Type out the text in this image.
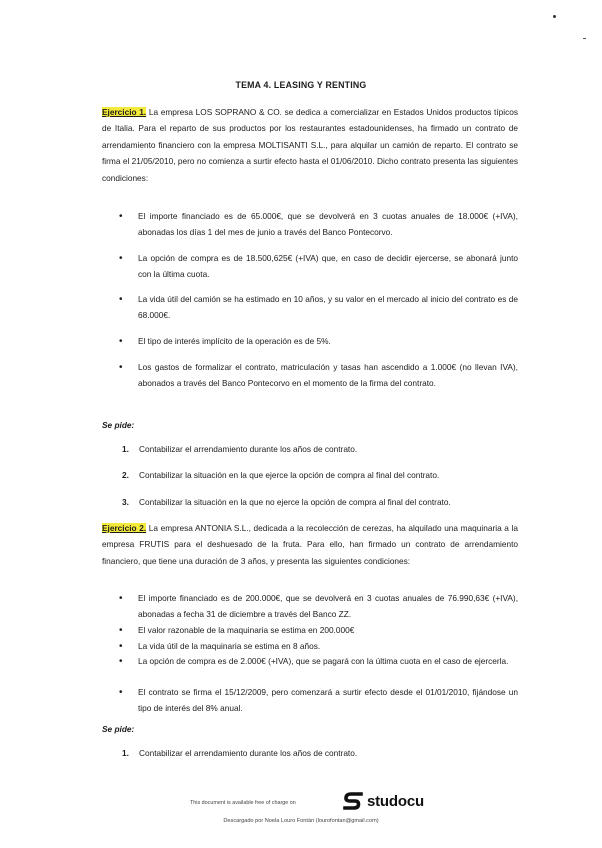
TEMA 4. LEASING Y RENTING

Ejercicio 1. La empresa LOS SOPRANO & CO. se dedica a comercializar en Estados Unidos productos típicos de Italia. Para el reparto de sus productos por los restaurantes estadounidenses, ha firmado un contrato de arrendamiento financiero con la empresa MOLTISANTI S.L., para alquilar un camión de reparto. El contrato se firma el 21/05/2010, pero no comienza a surtir efecto hasta el 01/06/2010. Dicho contrato presenta las siguientes condiciones:

• El importe financiado es de 65.000€, que se devolverá en 3 cuotas anuales de 18.000€ (+IVA), abonadas los días 1 del mes de junio a través del Banco Pontecorvo.
• La opción de compra es de 18.500,625€ (+IVA) que, en caso de decidir ejercerse, se abonará junto con la última cuota.
• La vida útil del camión se ha estimado en 10 años, y su valor en el mercado al inicio del contrato es de 68.000€.
• El tipo de interés implícito de la operación es de 5%.
• Los gastos de formalizar el contrato, matriculación y tasas han ascendido a 1.000€ (no llevan IVA), abonados a través del Banco Pontecorvo en el momento de la firma del contrato.
Se pide:
1. Contabilizar el arrendamiento durante los años de contrato.
2. Contabilizar la situación en la que ejerce la opción de compra al final del contrato.
3. Contabilizar la situación en la que no ejerce la opción de compra al final del contrato.

Ejercicio 2. La empresa ANTONIA S.L., dedicada a la recolección de cerezas, ha alquilado una maquinaria a la empresa FRUTIS para el deshuesado de la fruta. Para ello, han firmado un contrato de arrendamiento financiero, que tiene una duración de 3 años, y presenta las siguientes condiciones:

• El importe financiado es de 200.000€, que se devolverá en 3 cuotas anuales de 76.990,63€ (+IVA), abonadas a fecha 31 de diciembre a través del Banco ZZ.
• El valor razonable de la maquinaria se estima en 200.000€
• La vida útil de la maquinaria se estima en 8 años.
• La opción de compra es de 2.000€ (+IVA), que se pagará con la última cuota en el caso de ejercerla.
• El contrato se firma el 15/12/2009, pero comenzará a surtir efecto desde el 01/01/2010, fijándose un tipo de interés del 8% anual.
Se pide:
1. Contabilizar el arrendamiento durante los años de contrato.
This document is available free of charge on	studocu
Descargado por Noela Louro Fontán (lourofontan@gmail.com)
